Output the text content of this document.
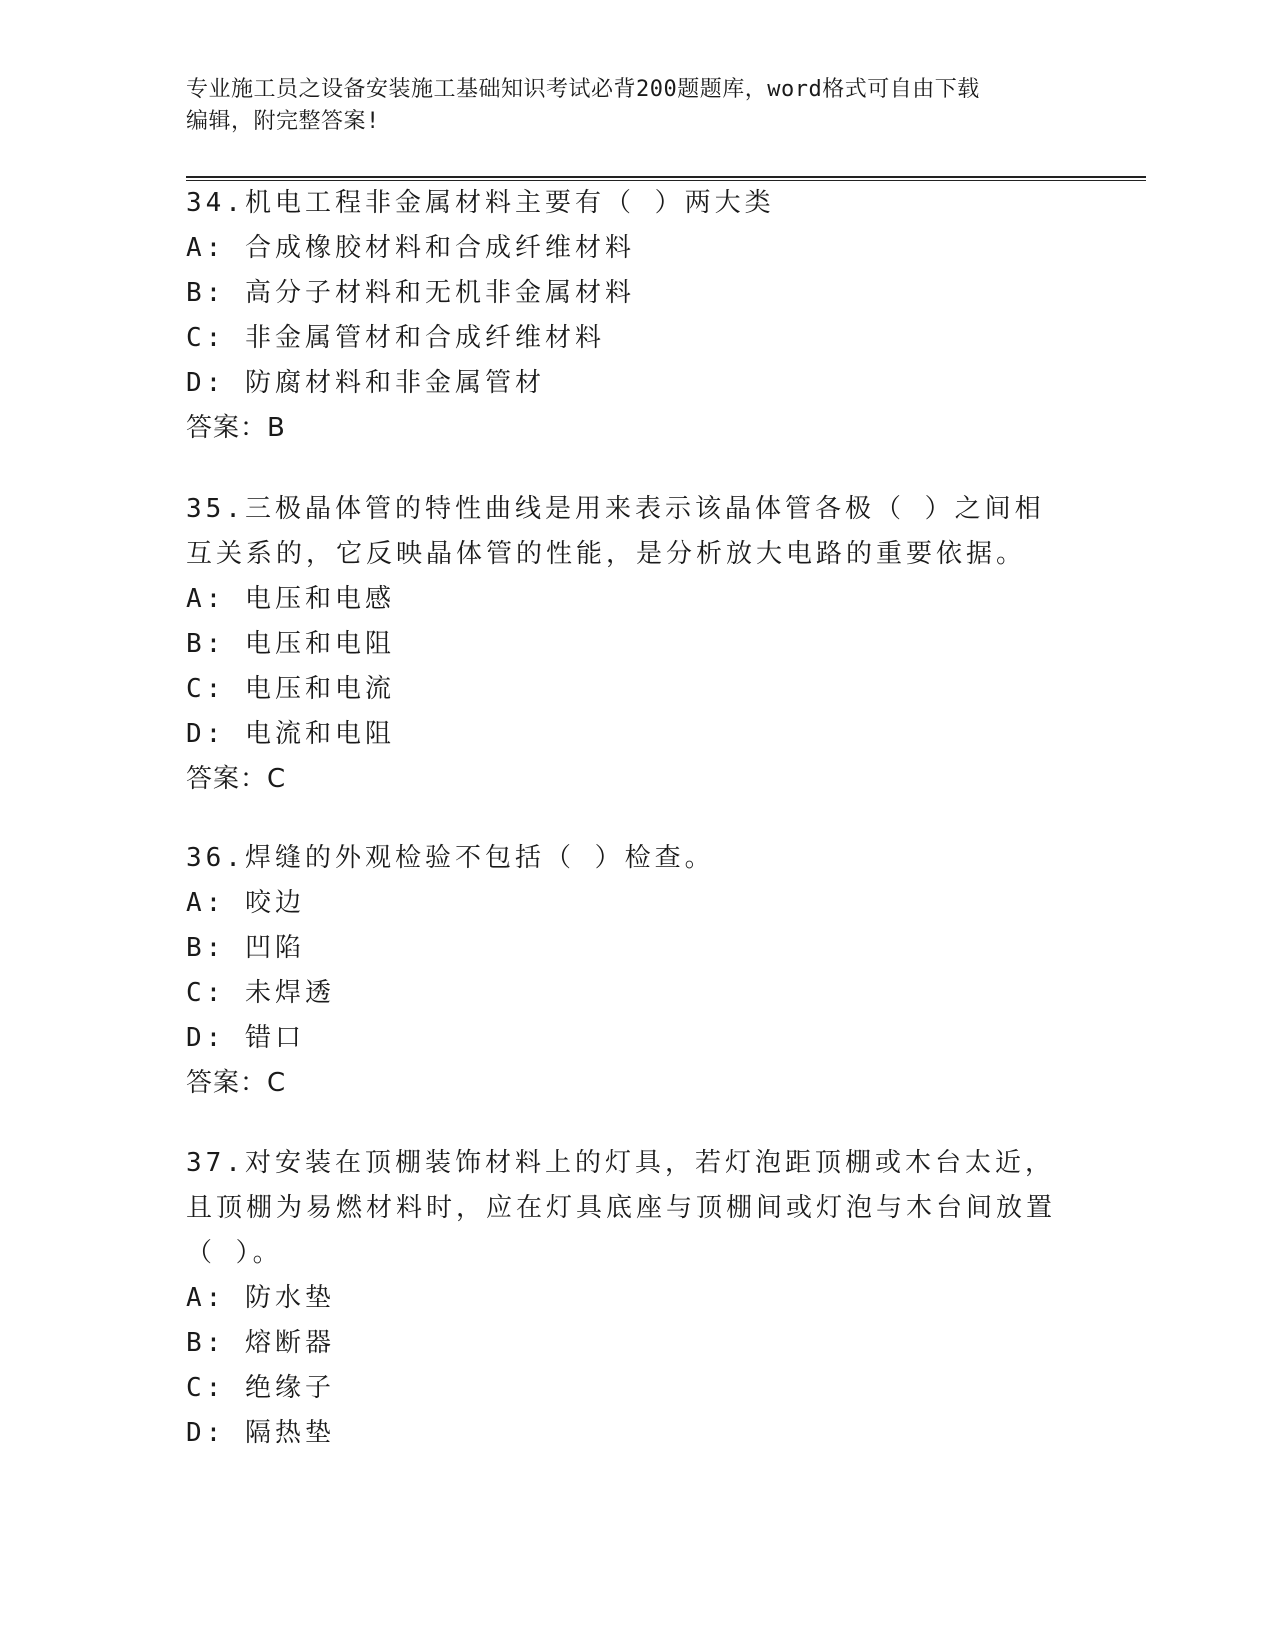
专业施工员之设备安装施工基础知识考试必背200题题库，word格式可自由下载
编辑，附完整答案!
34.机电工程非金属材料主要有（ ）两大类
A: 合成橡胶材料和合成纤维材料
B: 高分子材料和无机非金属材料
C: 非金属管材和合成纤维材料
D: 防腐材料和非金属管材
答案：B
35.三极晶体管的特性曲线是用来表示该晶体管各极（ ）之间相互关系的，它反映晶体管的性能，是分析放大电路的重要依据。
A: 电压和电感
B: 电压和电阻
C: 电压和电流
D: 电流和电阻
答案：C
36.焊缝的外观检验不包括（ ）检查。
A: 咬边
B: 凹陷
C: 未焊透
D: 错口
答案：C
37.对安装在顶棚装饰材料上的灯具，若灯泡距顶棚或木台太近，且顶棚为易燃材料时，应在灯具底座与顶棚间或灯泡与木台间放置（ ）。
A: 防水垫
B: 熔断器
C: 绝缘子
D: 隔热垫
